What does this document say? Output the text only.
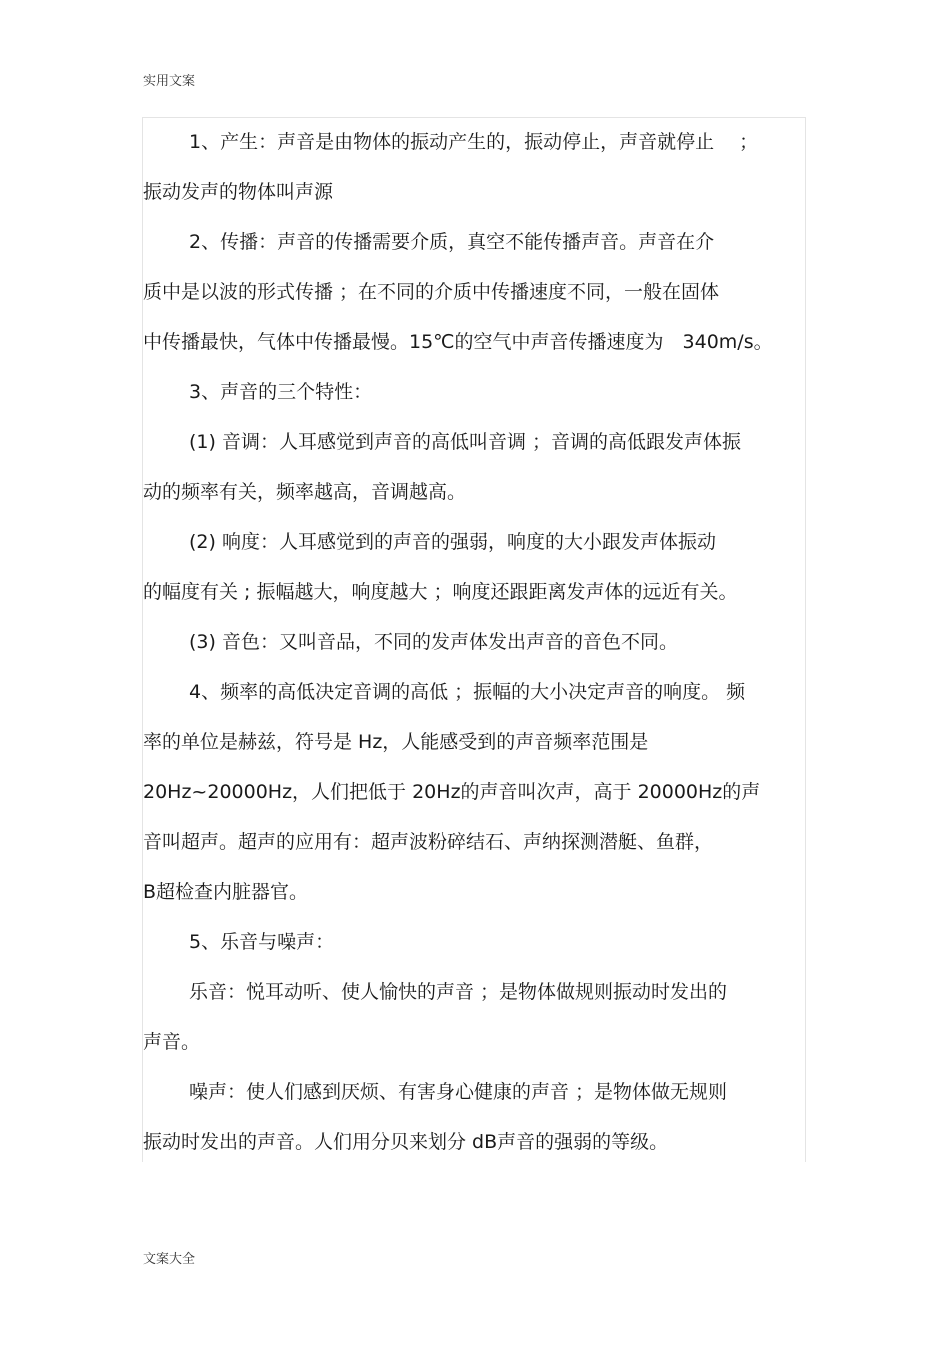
实用文案
1、产生：声音是由物体的振动产生的，振动停止，声音就停止　 ；
振动发声的物体叫声源
2、传播：声音的传播需要介质，真空不能传播声音。声音在介
质中是以波的形式传播 ；在不同的介质中传播速度不同，一般在固体
中传播最快，气体中传播最慢。15℃的空气中声音传播速度为　340m/s。
3、声音的三个特性：
(1) 音调：人耳感觉到声音的高低叫音调 ；音调的高低跟发声体振
动的频率有关，频率越高，音调越高。
(2) 响度：人耳感觉到的声音的强弱，响度的大小跟发声体振动
的幅度有关 ; 振幅越大，响度越大 ；响度还跟距离发声体的远近有关。
(3) 音色：又叫音品，不同的发声体发出声音的音色不同。
4、频率的高低决定音调的高低 ；振幅的大小决定声音的响度。 频
率的单位是赫兹，符号是 Hz，人能感受到的声音频率范围是
20Hz~20000Hz，人们把低于 20Hz的声音叫次声，高于 20000Hz的声
音叫超声。超声的应用有：超声波粉碎结石、声纳探测潜艇、鱼群，
B超检查内脏器官。
5、乐音与噪声：
乐音：悦耳动听、使人愉快的声音 ；是物体做规则振动时发出的
声音。
噪声：使人们感到厌烦、有害身心健康的声音 ；是物体做无规则
振动时发出的声音。人们用分贝来划分 dB声音的强弱的等级。
文案大全
